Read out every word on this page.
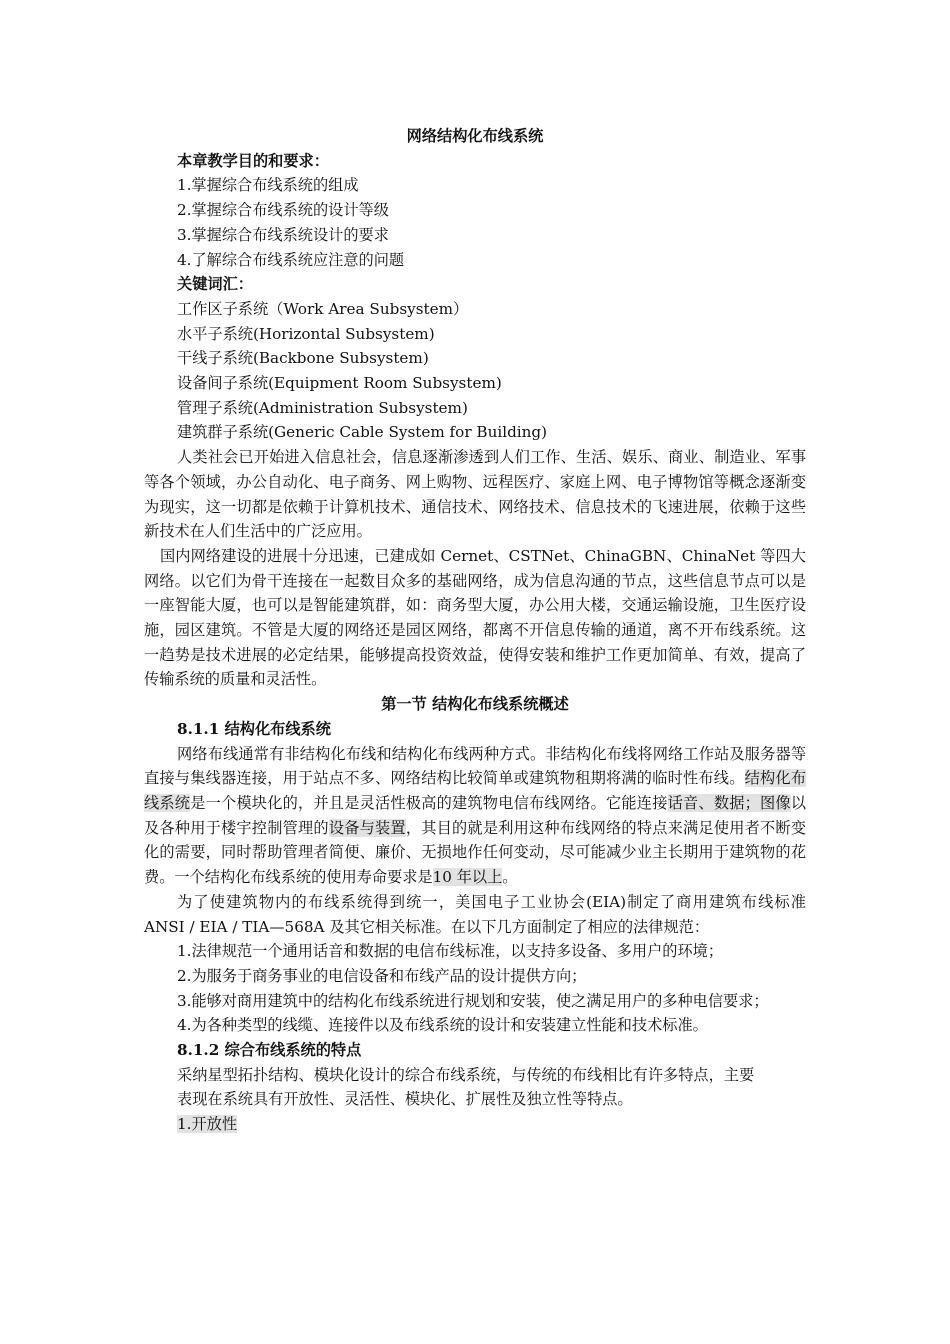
网络结构化布线系统

本章教学目的和要求：

1.掌握综合布线系统的组成

2.掌握综合布线系统的设计等级

3.掌握综合布线系统设计的要求

4.了解综合布线系统应注意的问题

关键词汇：

工作区子系统（Work Area Subsystem）

水平子系统(Horizontal Subsystem)

干线子系统(Backbone Subsystem)

设备间子系统(Equipment Room Subsystem)

管理子系统(Administration Subsystem)

建筑群子系统(Generic Cable System for Building)

人类社会已开始进入信息社会，信息逐渐渗透到人们工作、生活、娱乐、商业、制造业、军事等各个领域，办公自动化、电子商务、网上购物、远程医疗、家庭上网、电子博物馆等概念逐渐变为现实，这一切都是依赖于计算机技术、通信技术、网络技术、信息技术的飞速进展，依赖于这些新技术在人们生活中的广泛应用。

国内网络建设的进展十分迅速，已建成如 Cernet、CSTNet、ChinaGBN、ChinaNet 等四大网络。以它们为骨干连接在一起数目众多的基础网络，成为信息沟通的节点，这些信息节点可以是一座智能大厦，也可以是智能建筑群，如：商务型大厦，办公用大楼，交通运输设施，卫生医疗设施，园区建筑。不管是大厦的网络还是园区网络，都离不开信息传输的通道，离不开布线系统。这一趋势是技术进展的必定结果，能够提高投资效益，使得安装和维护工作更加简单、有效，提高了传输系统的质量和灵活性。

第一节 结构化布线系统概述

8.1.1 结构化布线系统

网络布线通常有非结构化布线和结构化布线两种方式。非结构化布线将网络工作站及服务器等直接与集线器连接，用于站点不多、网络结构比较简单或建筑物租期将满的临时性布线。结构化布线系统是一个模块化的，并且是灵活性极高的建筑物电信布线网络。它能连接话音、数据；图像以及各种用于楼宇控制管理的设备与装置，其目的就是利用这种布线网络的特点来满足使用者不断变化的需要，同时帮助管理者简便、廉价、无损地作任何变动，尽可能减少业主长期用于建筑物的花费。一个结构化布线系统的使用寿命要求是10 年以上。

为了使建筑物内的布线系统得到统一，美国电子工业协会(EIA)制定了商用建筑布线标准 ANSI / EIA / TIA—568A 及其它相关标准。在以下几方面制定了相应的法律规范：

1.法律规范一个通用话音和数据的电信布线标准，以支持多设备、多用户的环境；

2.为服务于商务事业的电信设备和布线产品的设计提供方向；

3.能够对商用建筑中的结构化布线系统进行规划和安装，使之满足用户的多种电信要求；

4.为各种类型的线缆、连接件以及布线系统的设计和安装建立性能和技术标准。

8.1.2 综合布线系统的特点

采纳星型拓扑结构、模块化设计的综合布线系统，与传统的布线相比有许多特点，主要

表现在系统具有开放性、灵活性、模块化、扩展性及独立性等特点。

1.开放性
